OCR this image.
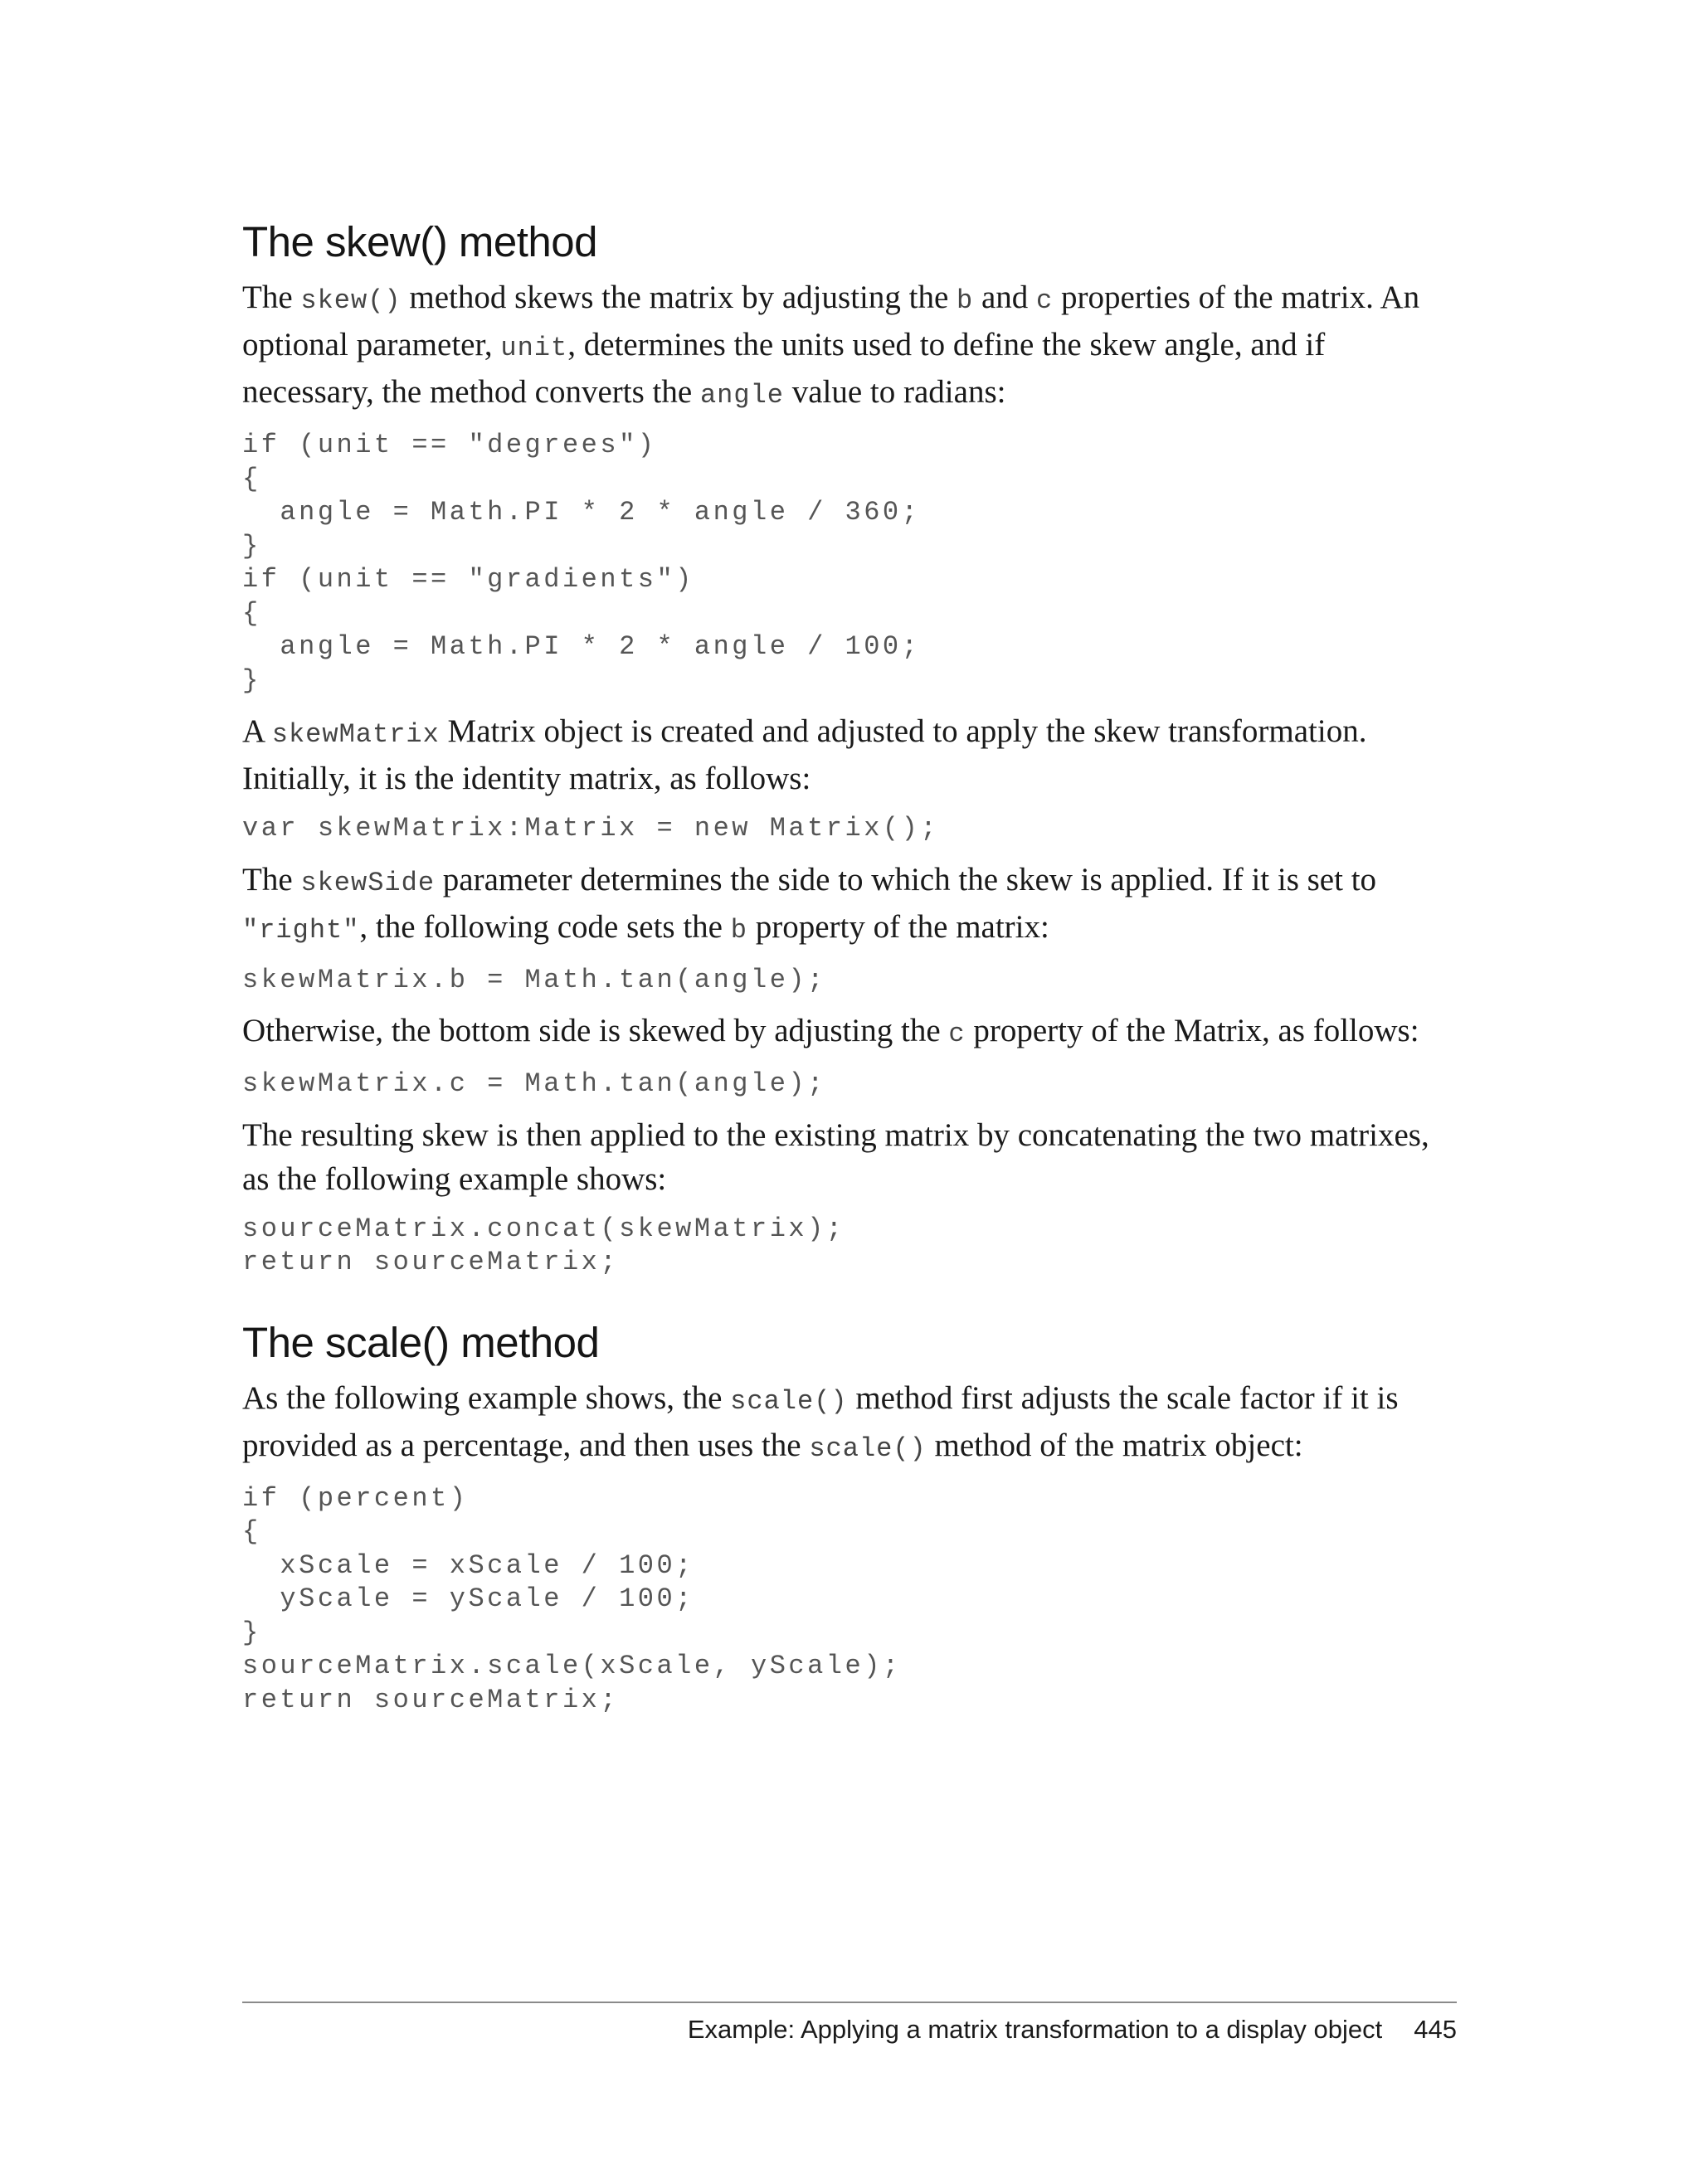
The skew() method

The skew() method skews the matrix by adjusting the b and c properties of the matrix. An optional parameter, unit, determines the units used to define the skew angle, and if necessary, the method converts the angle value to radians:

if (unit == "degrees")
{
angle = Math.PI * 2 * angle / 360;
}
if (unit == "gradients")
{
angle = Math.PI * 2 * angle / 100;
}

A skewMatrix Matrix object is created and adjusted to apply the skew transformation. Initially, it is the identity matrix, as follows:

var skewMatrix:Matrix = new Matrix();

The skewSide parameter determines the side to which the skew is applied. If it is set to "right", the following code sets the b property of the matrix:

skewMatrix.b = Math.tan(angle);

Otherwise, the bottom side is skewed by adjusting the c property of the Matrix, as follows:

skewMatrix.c = Math.tan(angle);

The resulting skew is then applied to the existing matrix by concatenating the two matrixes, as the following example shows:

sourceMatrix.concat(skewMatrix);
return sourceMatrix;
The scale() method

As the following example shows, the scale() method first adjusts the scale factor if it is provided as a percentage, and then uses the scale() method of the matrix object:

if (percent)
{
xScale = xScale / 100;
yScale = yScale / 100;
}
sourceMatrix.scale(xScale, yScale);
return sourceMatrix;
Example: Applying a matrix transformation to a display object 445
